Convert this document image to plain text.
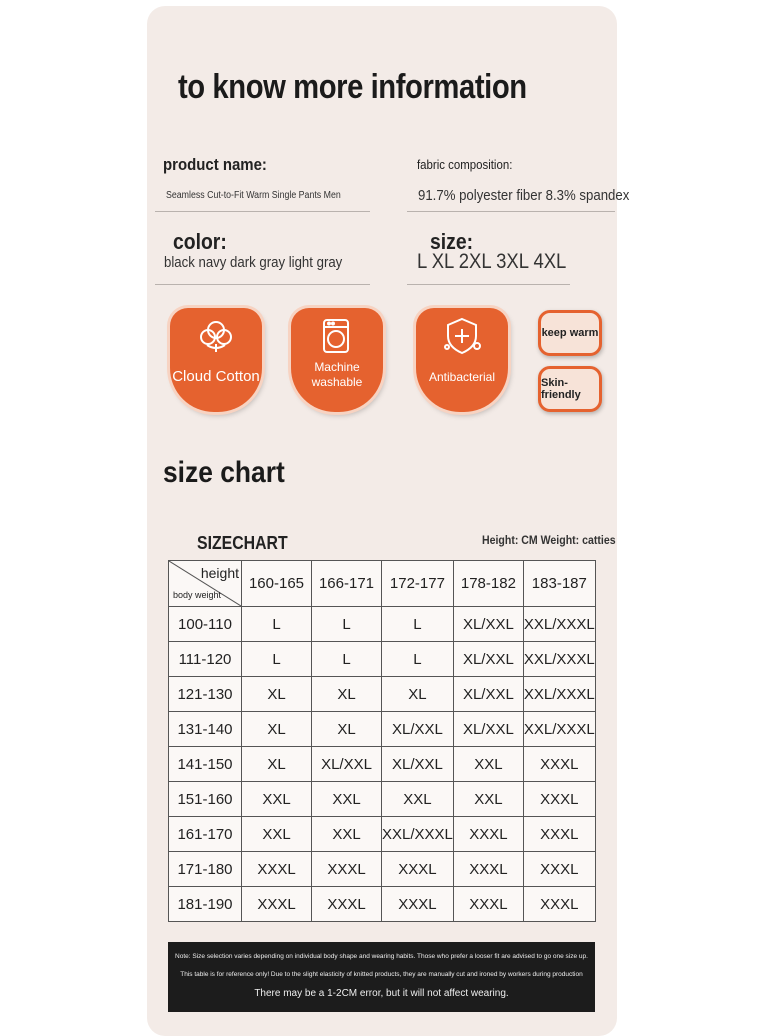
to know more information
product name:
Seamless Cut-to-Fit Warm Single Pants Men
fabric composition:
91.7% polyester fiber 8.3% spandex
color:
black navy dark gray light gray
size:
L XL 2XL 3XL 4XL
Cloud Cotton
Machine
washable	Antibacterial
keep warm
Skin-friendly
size chart
SIZECHART	Height: CM Weight: catties
height
body weight	160-165	166-171	172-177	178-182	183-187
100-110	L	L	L	XL/XXL	XXL/XXXL
111-120	L	L	L	XL/XXL	XXL/XXXL
121-130	XL	XL	XL	XL/XXL	XXL/XXXL
131-140	XL	XL	XL/XXL	XL/XXL	XXL/XXXL
141-150	XL	XL/XXL	XL/XXL	XXL	XXXL
151-160	XXL	XXL	XXL	XXL	XXXL
161-170	XXL	XXL	XXL/XXXL	XXXL	XXXL
171-180	XXXL	XXXL	XXXL	XXXL	XXXL
181-190	XXXL	XXXL	XXXL	XXXL	XXXL
Note: Size selection varies depending on individual body shape and wearing habits. Those who prefer a looser fit are advised to go one size up.
This table is for reference only! Due to the slight elasticity of knitted products, they are manually cut and ironed by workers during production
There may be a 1-2CM error, but it will not affect wearing.
